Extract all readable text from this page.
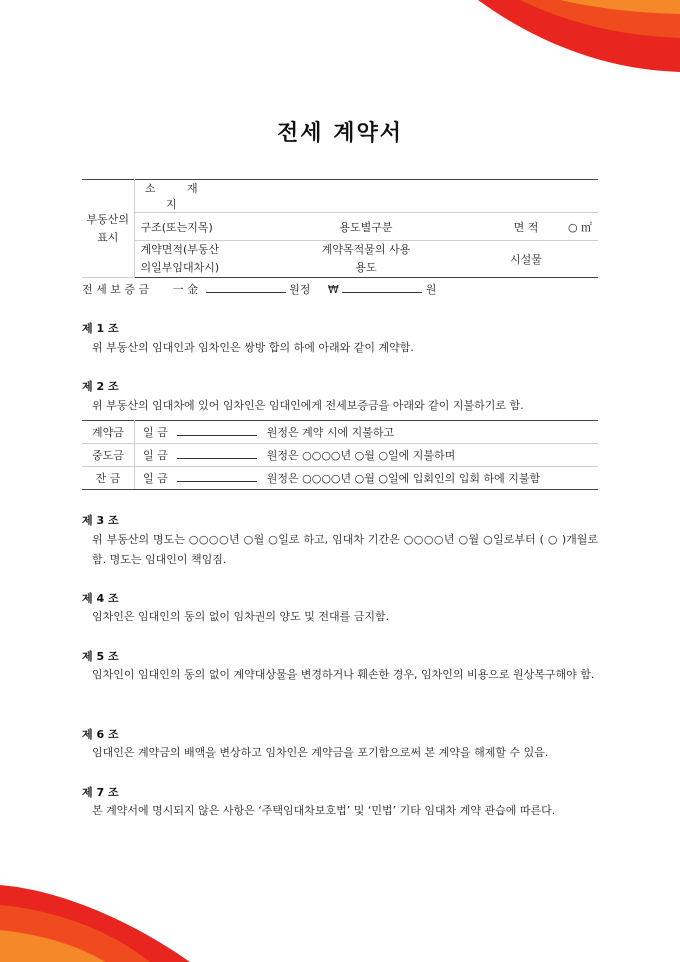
전세 계약서
부동산의 표시	소 재 지					
	구조(또는지목)		용도별구분		면 적	○ ㎡
	계약면적(부동산의일부임대차시)		계약목적물의 사용용도		시설물	
전 세 보 증 금 一 金	원정 ₩	원
제 1 조
위 부동산의 임대인과 임차인은 쌍방 합의 하에 아래와 같이 계약함.
제 2 조
위 부동산의 임대차에 있어 임차인은 임대인에게 전세보증금을 아래와 같이 지불하기로 함.
계약금	일 금 원정은 계약 시에 지불하고
중도금	일 금 원정은 ○○○○년 ○월 ○일에 지불하며
잔 금	일 금 원정은 ○○○○년 ○월 ○일에 입회인의 입회 하에 지불함
제 3 조
위 부동산의 명도는 ○○○○년 ○월 ○일로 하고, 임대차 기간은 ○○○○년 ○월 ○일로부터 ( ○ )개월로 함. 명도는 임대인이 책임짐.
제 4 조
임차인은 임대인의 동의 없이 임차권의 양도 및 전대를 금지함.
제 5 조
임차인이 임대인의 동의 없이 계약대상물을 변경하거나 훼손한 경우, 임차인의 비용으로 원상복구해야 함.
제 6 조
임대인은 계약금의 배액을 변상하고 임차인은 계약금을 포기함으로써 본 계약을 해제할 수 있음.
제 7 조
본 계약서에 명시되지 않은 사항은 ‘주택임대차보호법’ 및 ‘민법’ 기타 임대차 계약 관습에 따른다.
